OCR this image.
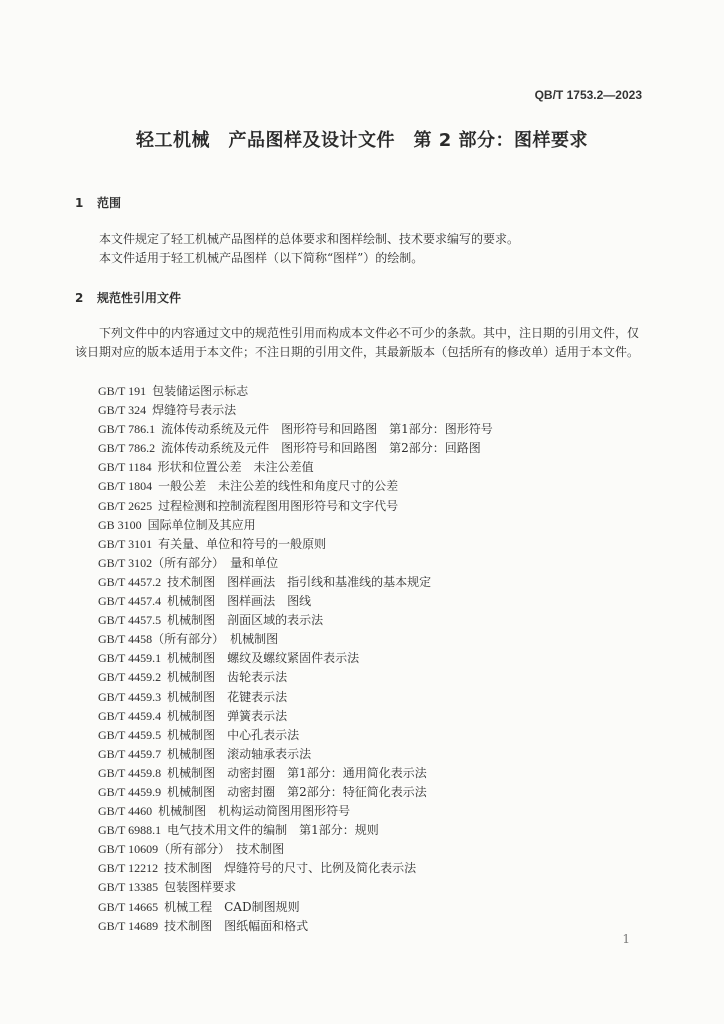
QB/T 1753.2—2023
轻工机械　产品图样及设计文件　第 2 部分：图样要求
1 范围
本文件规定了轻工机械产品图样的总体要求和图样绘制、技术要求编写的要求。
本文件适用于轻工机械产品图样（以下简称“图样”）的绘制。
2 规范性引用文件
下列文件中的内容通过文中的规范性引用而构成本文件必不可少的条款。其中，注日期的引用文件，仅该日期对应的版本适用于本文件；不注日期的引用文件，其最新版本（包括所有的修改单）适用于本文件。
GB/T 191 包装储运图示标志
GB/T 324 焊缝符号表示法
GB/T 786.1 流体传动系统及元件　图形符号和回路图　第1部分：图形符号
GB/T 786.2 流体传动系统及元件　图形符号和回路图　第2部分：回路图
GB/T 1184 形状和位置公差　未注公差值
GB/T 1804 一般公差　未注公差的线性和角度尺寸的公差
GB/T 2625 过程检测和控制流程图用图形符号和文字代号
GB 3100 国际单位制及其应用
GB/T 3101 有关量、单位和符号的一般原则
GB/T 3102（所有部分） 量和单位
GB/T 4457.2 技术制图　图样画法　指引线和基准线的基本规定
GB/T 4457.4 机械制图　图样画法　图线
GB/T 4457.5 机械制图　剖面区域的表示法
GB/T 4458（所有部分） 机械制图
GB/T 4459.1 机械制图　螺纹及螺纹紧固件表示法
GB/T 4459.2 机械制图　齿轮表示法
GB/T 4459.3 机械制图　花键表示法
GB/T 4459.4 机械制图　弹簧表示法
GB/T 4459.5 机械制图　中心孔表示法
GB/T 4459.7 机械制图　滚动轴承表示法
GB/T 4459.8 机械制图　动密封圈　第1部分：通用简化表示法
GB/T 4459.9 机械制图　动密封圈　第2部分：特征简化表示法
GB/T 4460 机械制图　机构运动简图用图形符号
GB/T 6988.1 电气技术用文件的编制　第1部分：规则
GB/T 10609（所有部分） 技术制图
GB/T 12212 技术制图　焊缝符号的尺寸、比例及简化表示法
GB/T 13385 包装图样要求
GB/T 14665 机械工程　CAD制图规则
GB/T 14689 技术制图　图纸幅面和格式
1
